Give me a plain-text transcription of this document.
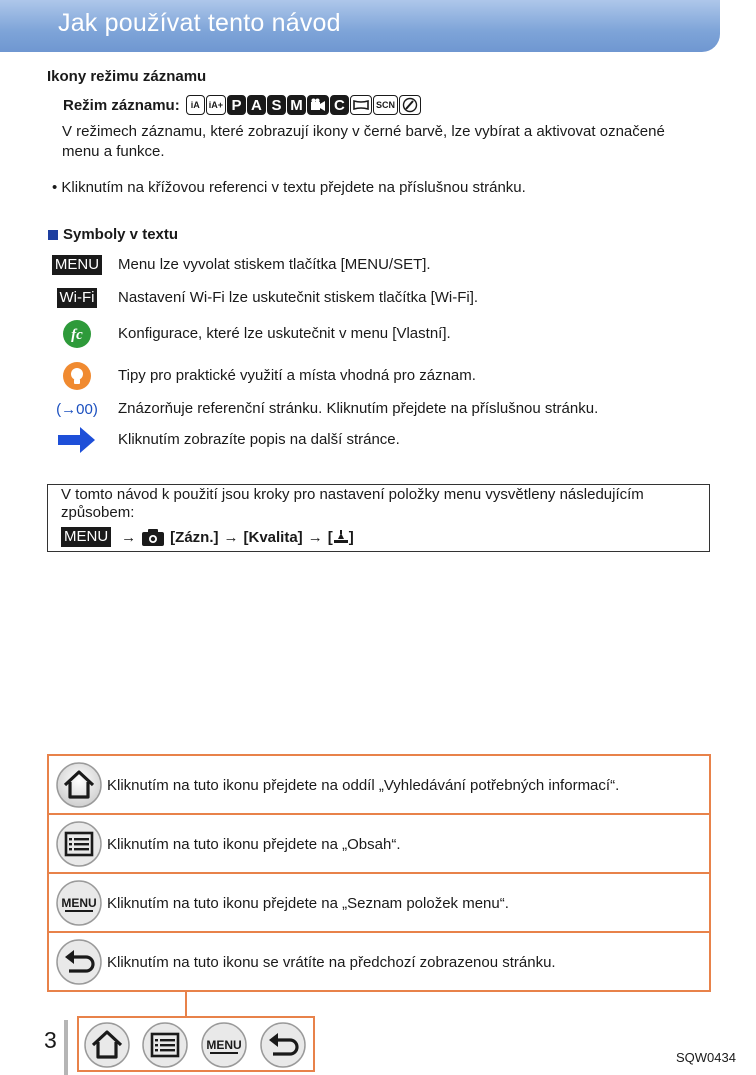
Jak používat tento návod
Ikony režimu záznamu
Režim záznamu:	iA	iA+ P A S M C	SCN
V režimech záznamu, které zobrazují ikony v černé barvě, lze vybírat a aktivovat označené menu a funkce.
• Kliknutím na křížovou referenci v textu přejdete na příslušnou stránku.
Symboly v textu
MENU Menu lze vyvolat stiskem tlačítka [MENU/SET].
Wi-Fi Nastavení Wi-Fi lze uskutečnit stiskem tlačítka [Wi-Fi].
fc Konfigurace, které lze uskutečnit v menu [Vlastní].
Tipy pro praktické využití a místa vhodná pro záznam.
(→00) Znázorňuje referenční stránku. Kliknutím přejdete na příslušnou stránku.
Kliknutím zobrazíte popis na další stránce.
V tomto návod k použití jsou kroky pro nastavení položky menu vysvětleny následujícím způsobem:
MENU → [Zázn.] → [Kvalita] → [ ]
Kliknutím na tuto ikonu přejdete na oddíl „Vyhledávání potřebných informací“.
Kliknutím na tuto ikonu přejdete na „Obsah“.
MENU Kliknutím na tuto ikonu přejdete na „Seznam položek menu“.
Kliknutím na tuto ikonu se vrátíte na předchozí zobrazenou stránku.
MENU
3
SQW0434
